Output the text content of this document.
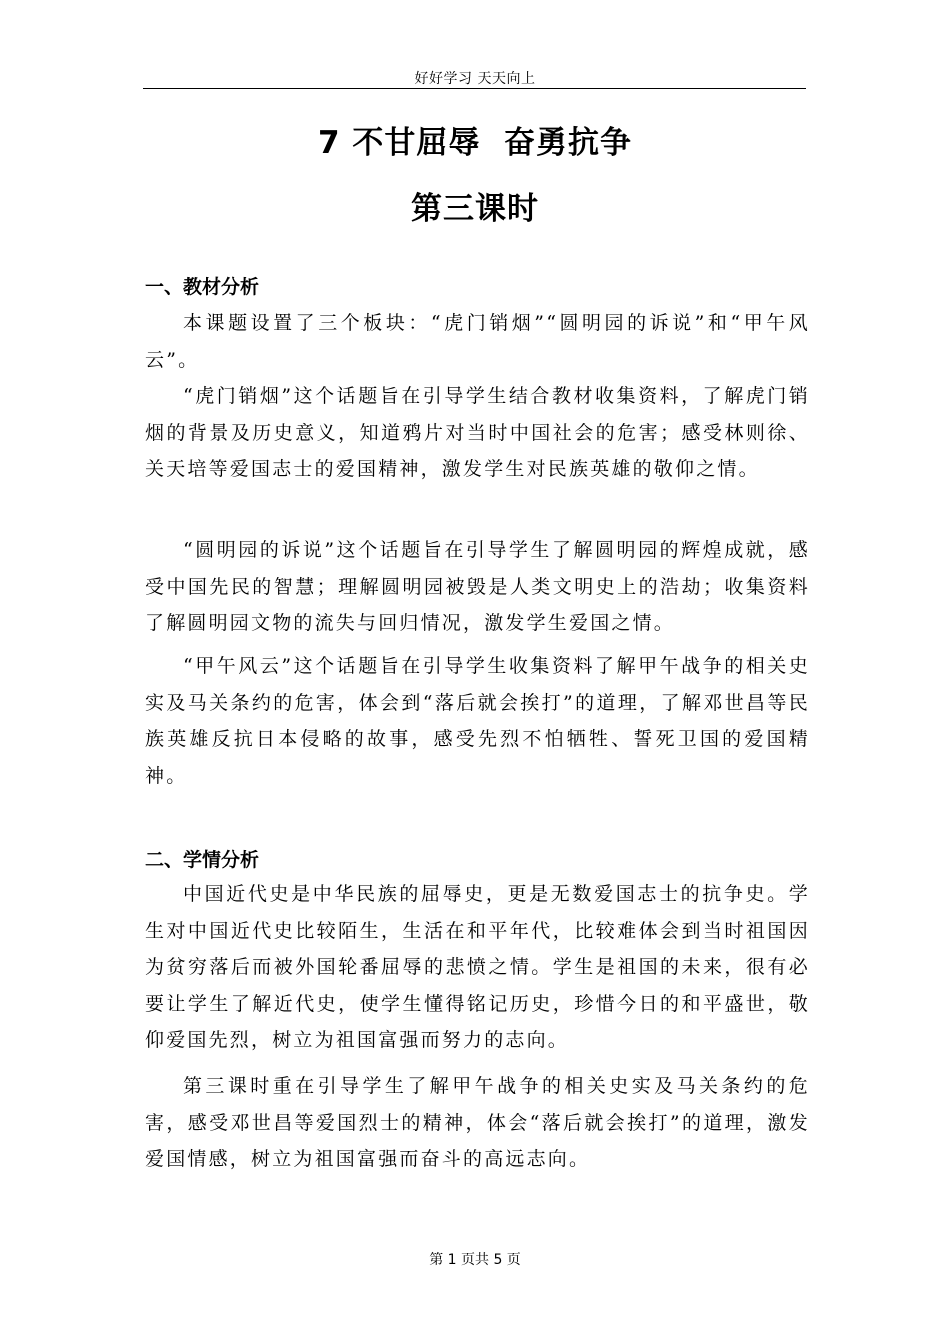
好好学习 天天向上
7 不甘屈辱  奋勇抗争
第三课时
一、教材分析

本课题设置了三个板块：“虎门销烟”“圆明园的诉说”和“甲午风云”。

“虎门销烟”这个话题旨在引导学生结合教材收集资料，了解虎门销烟的背景及历史意义，知道鸦片对当时中国社会的危害；感受林则徐、关天培等爱国志士的爱国精神，激发学生对民族英雄的敬仰之情。

“圆明园的诉说”这个话题旨在引导学生了解圆明园的辉煌成就，感受中国先民的智慧；理解圆明园被毁是人类文明史上的浩劫；收集资料了解圆明园文物的流失与回归情况，激发学生爱国之情。

“甲午风云”这个话题旨在引导学生收集资料了解甲午战争的相关史实及马关条约的危害，体会到“落后就会挨打”的道理，了解邓世昌等民族英雄反抗日本侵略的故事，感受先烈不怕牺牲、誓死卫国的爱国精神。

二、学情分析

中国近代史是中华民族的屈辱史，更是无数爱国志士的抗争史。学生对中国近代史比较陌生，生活在和平年代，比较难体会到当时祖国因为贫穷落后而被外国轮番屈辱的悲愤之情。学生是祖国的未来，很有必要让学生了解近代史，使学生懂得铭记历史，珍惜今日的和平盛世，敬仰爱国先烈，树立为祖国富强而努力的志向。

第三课时重在引导学生了解甲午战争的相关史实及马关条约的危害，感受邓世昌等爱国烈士的精神，体会“落后就会挨打”的道理，激发爱国情感，树立为祖国富强而奋斗的高远志向。

第 1 页共 5 页
